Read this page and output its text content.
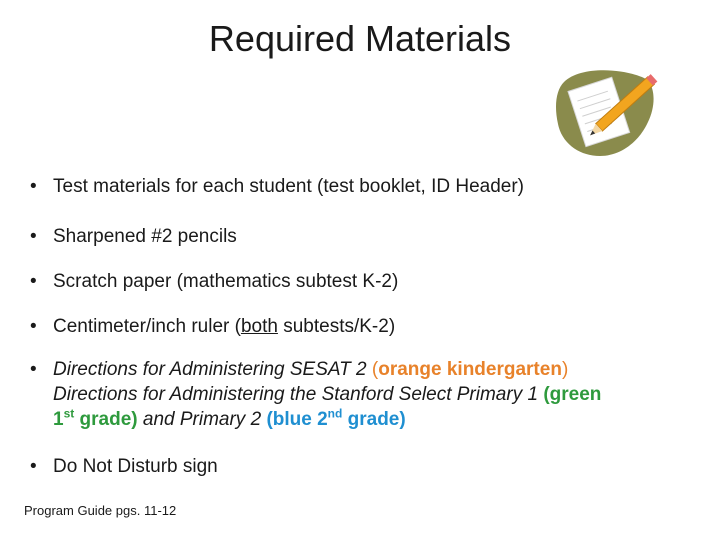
Required Materials
• Test materials for each student (test booklet, ID Header)
• Sharpened #2 pencils
• Scratch paper (mathematics subtest K-2)
• Centimeter/inch ruler (both subtests/K-2)
• Directions for Administering SESAT 2 (orange kindergarten)
Directions for Administering the Stanford Select Primary 1 (green
1st grade) and Primary 2 (blue 2nd grade)
• Do Not Disturb sign
Program Guide pgs. 11-12
